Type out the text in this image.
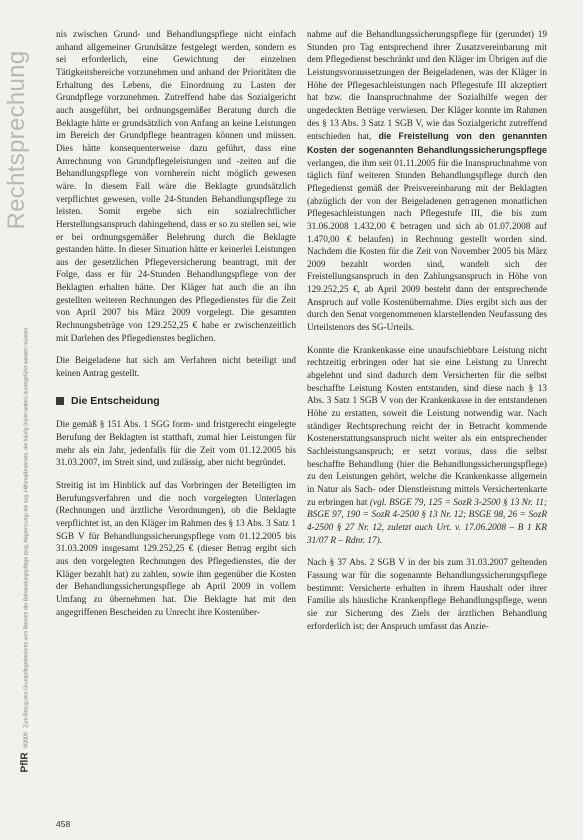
Rechtsprechung
PflR 9/2009   Zum Bezug des Grundpflegebereichs vom Bereich der Behandlungspflege (sog. Abgrenzung) bei sog. Hilfsmaßnahmen, die häufig (nicht selten) durchgeführt werden müssen

nis zwischen Grund- und Behandlungspflege nicht einfach anhand allgemeiner Grundsätze festgelegt werden, sondern es sei erforderlich, eine Gewichtung der einzelnen Tätigkeitsbereiche vorzunehmen und anhand der Prioritäten die Erhaltung des Lebens, die Einordnung zu Lasten der Grundpflege vorzunehmen. Zutreffend habe das Sozialgericht auch ausgeführt, bei ordnungsgemäßer Beratung durch die Beklagte hätte er grundsätzlich von Anfang an keine Leistungen im Bereich der Grundpflege beantragen können und müssen. Dies hätte konsequenterweise dazu geführt, dass eine Anrechnung von Grundpflegeleistungen und -zeiten auf die Behandlungspflege von vornherein nicht möglich gewesen wäre. In diesem Fall wäre die Beklagte grundsätzlich verpflichtet gewesen, volle 24-Stunden Behandlungspflege zu leisten. Somit ergebe sich ein sozialrechtlicher Herstellungsanspruch dahingehend, dass er so zu stellen sei, wie er bei ordnungsgemäßer Belehrung durch die Beklagte gestanden hätte. In dieser Situation hätte er keinerlei Leistungen aus der gesetzlichen Pflegeversicherung beantragt, mit der Folge, dass er für 24-Stunden Behandlungspflege von der Beklagten erhalten hätte. Der Kläger hat auch die an ihn gestellten weiteren Rechnungen des Pflegedienstes für die Zeit von April 2007 bis März 2009 vorgelegt. Die gesamten Rechnungsbeträge von 129.252,25 € habe er zwischenzeitlich mit Darlehen des Pflegedienstes beglichen.

Die Beigeladene hat sich am Verfahren nicht beteiligt und keinen Antrag gestellt.

Die Entscheidung

Die gemäß § 151 Abs. 1 SGG form- und fristgerecht eingelegte Berufung der Beklagten ist statthaft, zumal hier Leistungen für mehr als ein Jahr, jedenfalls für die Zeit vom 01.12.2005 bis 31.03.2007, im Streit sind, und zulässig, aber nicht begründet.

Streitig ist im Hinblick auf das Vorbringen der Beteiligten im Berufungsverfahren und die noch vorgelegten Unterlagen (Rechnungen und ärztliche Verordnungen), ob die Beklagte verpflichtet ist, an den Kläger im Rahmen des § 13 Abs. 3 Satz 1 SGB V für Behandlungssicherungspflege vom 01.12.2005 bis 31.03.2009 insgesamt 129.252,25 € (dieser Betrag ergibt sich aus den vorgelegten Rechnungen des Pflegedienstes, die der Kläger bezahlt hat) zu zahlen, sowie ihm gegenüber die Kosten der Behandlungssicherungspflege ab April 2009 in vollem Umfang zu übernehmen hat. Die Beklagte hat mit den angegriffenen Bescheiden zu Unrecht ihre Kostenüber-

nahme auf die Behandlungssicherungspflege für (gerundet) 19 Stunden pro Tag entsprechend ihrer Zusatzvereinbarung mit dem Pflegedienst beschränkt und den Kläger im Übrigen auf die Leistungsvoraussetzungen der Beigeladenen, was der Kläger in Höhe der Pflegesachleistungen nach Pflegestufe III akzeptiert hat bzw. die Inanspruchnahme der Sozialhilfe wegen der ungedeckten Beträge verwiesen. Der Kläger konnte im Rahmen des § 13 Abs. 3 Satz 1 SGB V, wie das Sozialgericht zutreffend entschieden hat, die Freistellung von den genannten Kosten der sogenannten Behandlungssicherungspflege verlangen, die ihm seit 01.11.2005 für die Inanspruchnahme von täglich fünf weiteren Stunden Behandlungspflege durch den Pflegedienst gemäß der Preisvereinbarung mit der Beklagten (abzüglich der von der Beigeladenen getragenen monatlichen Pflegesachleistungen nach Pflegestufe III, die bis zum 31.06.2008 1.432,00 € betragen und sich ab 01.07.2008 auf 1.470,00 € belaufen) in Rechnung gestellt worden sind. Nachdem die Kosten für die Zeit von November 2005 bis März 2009 bezahlt worden sind, wandelt sich der Freistellungsanspruch in den Zahlungsanspruch in Höhe von 129.252,25 €, ab April 2009 besteht dann der entsprechende Anspruch auf volle Kostenübernahme. Dies ergibt sich aus der durch den Senat vorgenommenen klarstellenden Neufassung des Urteilstenors des SG-Urteils.

Konnte die Krankenkasse eine unaufschiebbare Leistung nicht rechtzeitig erbringen oder hat sie eine Leistung zu Unrecht abgelehnt und sind dadurch dem Versicherten für die selbst beschaffte Leistung Kosten entstanden, sind diese nach § 13 Abs. 3 Satz 1 SGB V von der Krankenkasse in der entstandenen Höhe zu erstatten, soweit die Leistung notwendig war. Nach ständiger Rechtsprechung reicht der in Betracht kommende Kostenerstattungsanspruch nicht weiter als ein entsprechender Sachleistungsanspruch; er setzt voraus, dass die selbst beschaffte Behandlung (hier die Behandlungssicherungspflege) zu den Leistungen gehört, welche die Krankenkasse allgemein in Natur als Sach- oder Dienstleistung mittels Versichertenkarte zu erbringen hat (vgl. BSGE 79, 125 = SozR 3-2500 § 13 Nr. 11; BSGE 97, 190 = SozR 4-2500 § 13 Nr. 12; BSGE 98, 26 = SozR 4-2500 § 27 Nr. 12, zuletzt auch Urt. v. 17.06.2008 – B 1 KR 31/07 R – Rdnr. 17).

Nach § 37 Abs. 2 SGB V in der bis zum 31.03.2007 geltenden Fassung war für die sogenannte Behandlungssicherungspflege bestimmt: Versicherte erhalten in ihrem Haushalt oder ihrer Familie als häusliche Krankenpflege Behandlungspflege, wenn sie zur Sicherung des Ziels der ärztlichen Behandlung erforderlich ist; der Anspruch umfasst das Anzie-

458
